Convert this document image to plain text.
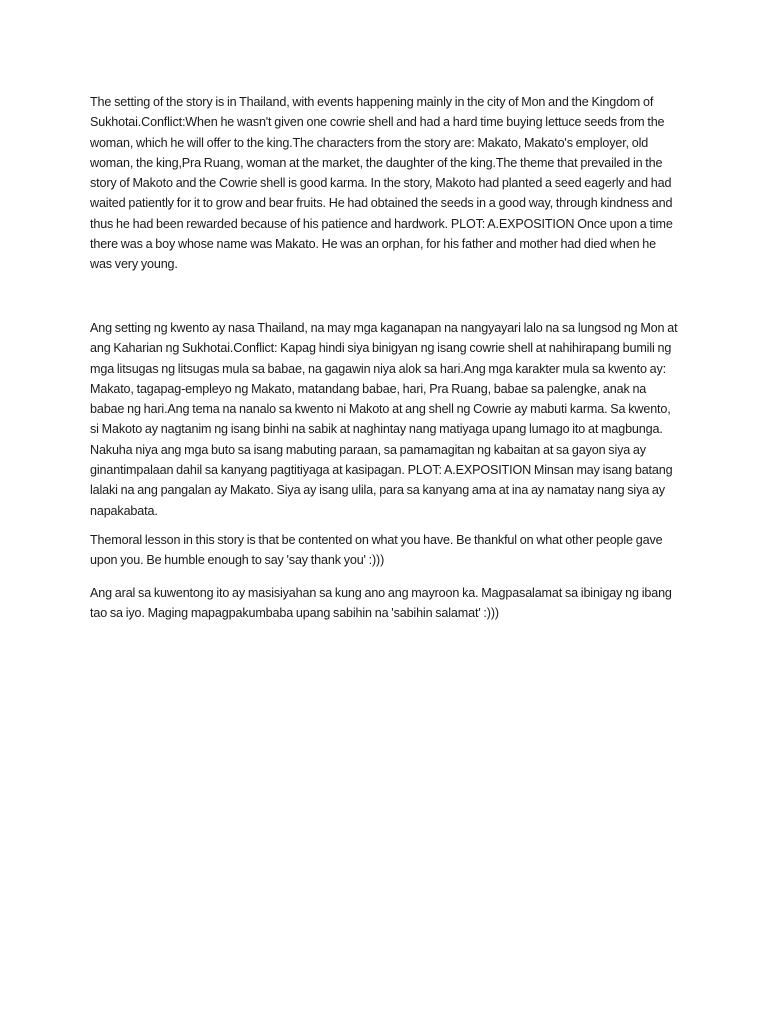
The setting of the story is in Thailand, with events happening mainly in the city of Mon and the Kingdom of Sukhotai.Conflict:When he wasn't given one cowrie shell and had a hard time buying lettuce seeds from the woman, which he will offer to the king.The characters from the story are: Makato, Makato's employer, old woman, the king,Pra Ruang, woman at the market, the daughter of the king.The theme that prevailed in the story of Makoto and the Cowrie shell is good karma. In the story, Makoto had planted a seed eagerly and had waited patiently for it to grow and bear fruits. He had obtained the seeds in a good way, through kindness and thus he had been rewarded because of his patience and hardwork. PLOT: A.EXPOSITION Once upon a time there was a boy whose name was Makato. He was an orphan, for his father and mother had died when he was very young.

Ang setting ng kwento ay nasa Thailand, na may mga kaganapan na nangyayari lalo na sa lungsod ng Mon at ang Kaharian ng Sukhotai.Conflict: Kapag hindi siya binigyan ng isang cowrie shell at nahihirapang bumili ng mga litsugas ng litsugas mula sa babae, na gagawin niya alok sa hari.Ang mga karakter mula sa kwento ay: Makato, tagapag-empleyo ng Makato, matandang babae, hari, Pra Ruang, babae sa palengke, anak na babae ng hari.Ang tema na nanalo sa kwento ni Makoto at ang shell ng Cowrie ay mabuti karma. Sa kwento, si Makoto ay nagtanim ng isang binhi na sabik at naghintay nang matiyaga upang lumago ito at magbunga. Nakuha niya ang mga buto sa isang mabuting paraan, sa pamamagitan ng kabaitan at sa gayon siya ay ginantimpalaan dahil sa kanyang pagtitiyaga at kasipagan. PLOT: A.EXPOSITION Minsan may isang batang lalaki na ang pangalan ay Makato. Siya ay isang ulila, para sa kanyang ama at ina ay namatay nang siya ay napakabata.

Themoral lesson in this story is that be contented on what you have. Be thankful on what other people gave upon you. Be humble enough to say 'say thank you' :)))

Ang aral sa kuwentong ito ay masisiyahan sa kung ano ang mayroon ka. Magpasalamat sa ibinigay ng ibang tao sa iyo. Maging mapagpakumbaba upang sabihin na 'sabihin salamat' :)))
